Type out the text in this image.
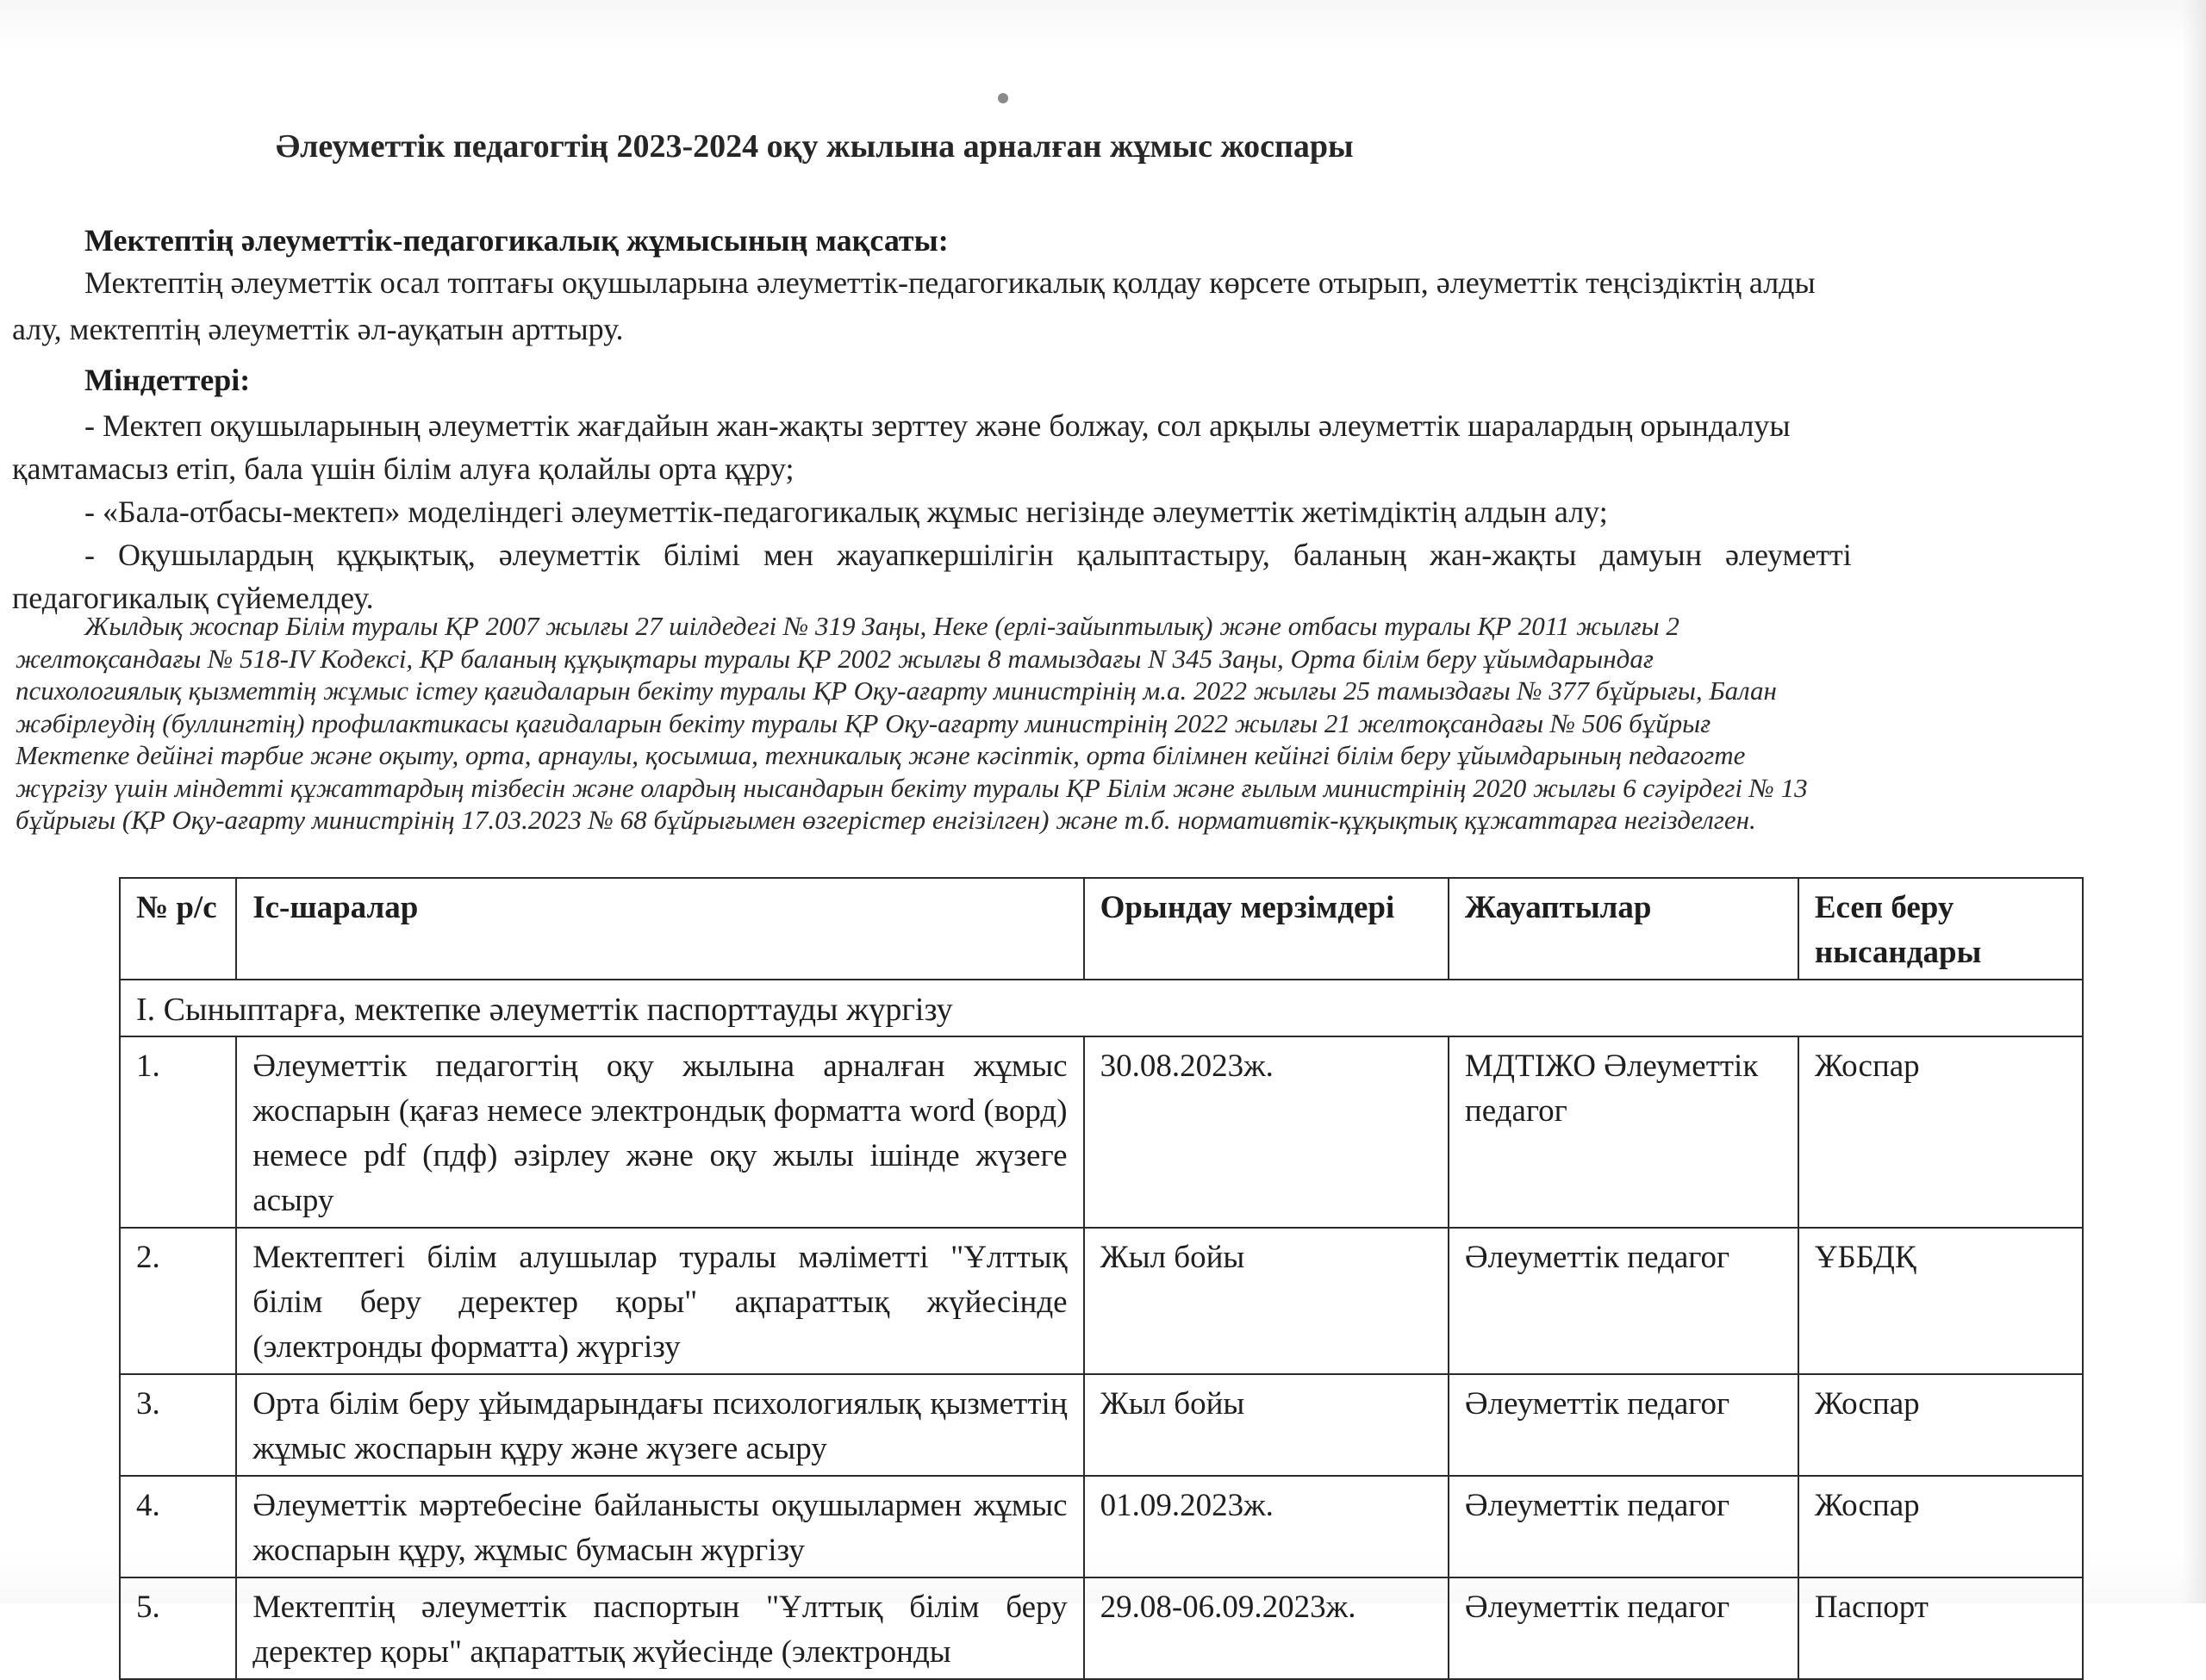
Әлеуметтік педагогтің 2023-2024 оқу жылына арналған жұмыс жоспары
Мектептің әлеуметтік-педагогикалық жұмысының мақсаты:
Мектептің әлеуметтік осал топтағы оқушыларына әлеуметтік-педагогикалық қолдау көрсете отырып, әлеуметтік теңсіздіктің алды
алу, мектептің әлеуметтік әл-ауқатын арттыру.
Міндеттері:
- Мектеп оқушыларының әлеуметтік жағдайын жан-жақты зерттеу және болжау, сол арқылы әлеуметтік шаралардың орындалуы
қамтамасыз етіп, бала үшін білім алуға қолайлы орта құру;
- «Бала-отбасы-мектеп» моделіндегі әлеуметтік-педагогикалық жұмыс негізінде әлеуметтік жетімдіктің алдын алу;
- Оқушылардың құқықтық, әлеуметтік білімі мен жауапкершілігін қалыптастыру, баланың жан-жақты дамуын әлеуметті
педагогикалық сүйемелдеу.
Жылдық жоспар Білім туралы ҚР 2007 жылғы 27 шілдедегі № 319 Заңы, Неке (ерлі-зайыптылық) және отбасы туралы ҚР 2011 жылғы 2
желтоқсандағы № 518-IV Кодексі, ҚР баланың құқықтары туралы ҚР 2002 жылғы 8 тамыздағы N 345 Заңы, Орта білім беру ұйымдарындағ
психологиялық қызметтің жұмыс істеу қағидаларын бекіту туралы ҚР Оқу-ағарту министрінің м.а. 2022 жылғы 25 тамыздағы № 377 бұйрығы, Балан
жәбірлеудің (буллингтің) профилактикасы қағидаларын бекіту туралы ҚР Оқу-ағарту министрінің 2022 жылғы 21 желтоқсандағы № 506 бұйрығ
Мектепке дейінгі тәрбие және оқыту, орта, арнаулы, қосымша, техникалық және кәсіптік, орта білімнен кейінгі білім беру ұйымдарының педагогте
жүргізу үшін міндетті құжаттардың тізбесін және олардың нысандарын бекіту туралы ҚР Білім және ғылым министрінің 2020 жылғы 6 сәуірдегі № 13
бұйрығы (ҚР Оқу-ағарту министрінің 17.03.2023 № 68 бұйрығымен өзгерістер енгізілген) және т.б. нормативтік-құқықтық құжаттарға негізделген.
№ р/с	Іс-шаралар	Орындау мерзімдері	Жауаптылар	Есеп беру нысандары
І. Сыныптарға, мектепке әлеуметтік паспорттауды жүргізу				
1.	Әлеуметтік педагогтің оқу жылына арналған жұмыс жоспарын (қағаз немесе электрондық форматта word (ворд) немесе pdf (пдф) әзірлеу және оқу жылы ішінде жүзеге асыру	30.08.2023ж.	МДТІЖО Әлеуметтік педагог	Жоспар
2.	Мектептегі білім алушылар туралы мәліметті "Ұлттық білім беру деректер қоры" ақпараттық жүйесінде (электронды форматта) жүргізу	Жыл бойы	Әлеуметтік педагог	ҰББДҚ
3.	Орта білім беру ұйымдарындағы психологиялық қызметтің жұмыс жоспарын құру және жүзеге асыру	Жыл бойы	Әлеуметтік педагог	Жоспар
4.	Әлеуметтік мәртебесіне байланысты оқушылармен жұмыс жоспарын құру, жұмыс бумасын жүргізу	01.09.2023ж.	Әлеуметтік педагог	Жоспар
5.	Мектептің әлеуметтік паспортын "Ұлттық білім беру деректер қоры" ақпараттық жүйесінде (электронды	29.08-06.09.2023ж.	Әлеуметтік педагог	Паспорт
